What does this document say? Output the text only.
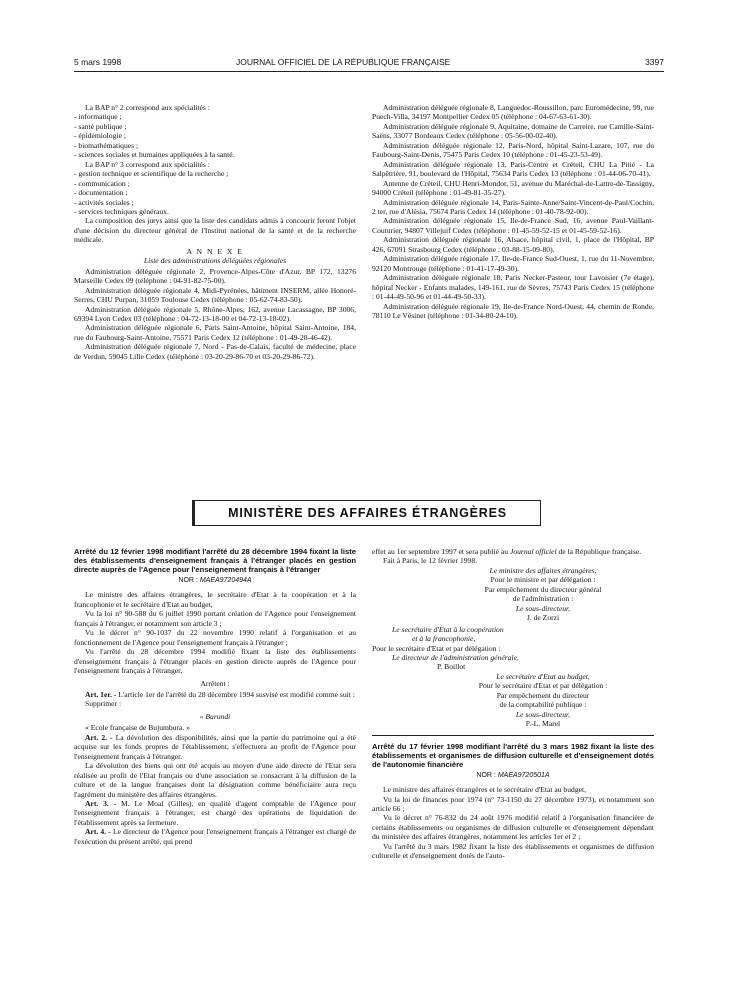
5 mars 1998	JOURNAL OFFICIEL DE LA RÉPUBLIQUE FRANÇAISE	3397

La BAP n° 2 correspond aux spécialités :

- informatique ;

- santé publique ;

- épidémiologie ;

- biomathématiques ;

- sciences sociales et humaines appliquées à la santé.

La BAP n° 3 correspond aux spécialités :

- gestion technique et scientifique de la recherche ;

- communication ;

- documentation ;

- activités sociales ;

- services techniques généraux.

La composition des jurys ainsi que la liste des candidats admis à concourir feront l'objet d'une décision du directeur général de l'Institut national de la santé et de la recherche médicale.

A N N E X E

Liste des administrations déléguées régionales

Administration déléguée régionale 2, Provence-Alpes-Côte d'Azur, BP 172, 13276 Marseille Cedex 09 (téléphone : 04-91-82-75-00).

Administration déléguée régionale 4, Midi-Pyrénées, bâtiment INSERM, allée Honoré-Serres, CHU Purpan, 31059 Toulouse Cedex (téléphone : 05-62-74-83-50).

Administration déléguée régionale 5, Rhône-Alpes, 162, avenue Lacassagne, BP 3006, 69394 Lyon Cedex 03 (téléphone : 04-72-13-18-00 et 04-72-13-18-02).

Administration déléguée régionale 6, Paris Saint-Antoine, hôpital Saint-Antoine, 184, rue du Faubourg-Saint-Antoine, 75571 Paris Cedex 12 (téléphone : 01-49-28-46-42).

Administration déléguée régionale 7, Nord - Pas-de-Calais, faculté de médecine, place de Verdun, 59045 Lille Cedex (téléphone : 03-20-29-86-70 et 03-20-29-86-72).

Administration déléguée régionale 8, Languedoc-Roussillon, parc Euromédecine, 99, rue Puech-Villa, 34197 Montpellier Cedex 05 (téléphone : 04-67-63-61-30).

Administration déléguée régionale 9, Aquitaine, domaine de Carreire, rue Camille-Saint-Saëns, 33077 Bordeaux Cedex (téléphone : 05-56-00-02-40).

Administration déléguée régionale 12, Paris-Nord, hôpital Saint-Lazare, 107, rue du Faubourg-Saint-Denis, 75475 Paris Cedex 10 (téléphone : 01-45-23-53-49).

Administration déléguée régionale 13, Paris-Centre et Créteil, CHU La Pitié - La Salpêtrière, 91, boulevard de l'Hôpital, 75634 Paris Cedex 13 (téléphone : 01-44-06-70-41).

Antenne de Créteil, CHU Henri-Mondor, 51, avenue du Maréchal-de-Lattre-de-Tassigny, 94000 Créteil (téléphone : 01-49-81-35-27).

Administration déléguée régionale 14, Paris-Sainte-Anne/Saint-Vincent-de-Paul/Cochin, 2 ter, rue d'Alésia, 75674 Paris Cedex 14 (téléphone : 01-40-78-92-00).

Administration déléguée régionale 15, Ile-de-France Sud, 16, avenue Paul-Vaillant-Couturier, 94807 Villejuif Cedex (téléphone : 01-45-59-52-15 et 01-45-59-52-16).

Administration déléguée régionale 16, Alsace, hôpital civil, 1, place de l'Hôpital, BP 426, 67091 Strasbourg Cedex (téléphone : 03-88-15-09-80).

Administration déléguée régionale 17, Ile-de-France Sud-Ouest, 1, rue du 11-Novembre, 92120 Montrouge (téléphone : 01-41-17-49-30).

Administration déléguée régionale 18, Paris Necker-Pasteur, tour Lavoisier (7e étage), hôpital Necker - Enfants malades, 149-161, rue de Sèvres, 75743 Paris Cedex 15 (téléphone : 01-44-49-50-96 et 01-44-49-50-33).

Administration déléguée régionale 19, Ile-de-France Nord-Ouest, 44, chemin de Ronde, 78110 Le Vésinet (téléphone : 01-34-80-24-10).

MINISTÈRE DES AFFAIRES ÉTRANGÈRES

Arrêté du 12 février 1998 modifiant l'arrêté du 28 décembre 1994 fixant la liste des établissements d'enseignement français à l'étranger placés en gestion directe auprès de l'Agence pour l'enseignement français à l'étranger

NOR : MAEA9720494A

Le ministre des affaires étrangères, le secrétaire d'Etat à la coopération et à la francophonie et le secrétaire d'Etat au budget,

Vu la loi n° 90-588 du 6 juillet 1990 portant création de l'Agence pour l'enseignement français à l'étranger, et notamment son article 3 ;

Vu le décret n° 90-1037 du 22 novembre 1990 relatif à l'organisation et au fonctionnement de l'Agence pour l'enseignement français à l'étranger ;

Vu l'arrêté du 28 décembre 1994 modifié fixant la liste des établissements d'enseignement français à l'étranger placés en gestion directe auprès de l'Agence pour l'enseignement français à l'étranger,

Arrêtent :

Art. 1er. - L'article 1er de l'arrêté du 28 décembre 1994 susvisé est modifié comme suit :

Supprimer :

« Burundi

« Ecole française de Bujumbura. »

Art. 2. - La dévolution des disponibilités, ainsi que la partie du patrimoine qui a été acquise sur les fonds propres de l'établissement, s'effectuera au profit de l'Agence pour l'enseignement français à l'étranger.

La dévolution des biens qui ont été acquis au moyen d'une aide directe de l'Etat sera réalisée au profit de l'Etat français ou d'une association se consacrant à la diffusion de la culture et de la langue françaises dont la désignation comme bénéficiaire aura reçu l'agrément du ministère des affaires étrangères.

Art. 3. - M. Le Moal (Gilles), en qualité d'agent comptable de l'Agence pour l'enseignement français à l'étranger, est chargé des opérations de liquidation de l'établissement après sa fermeture.

Art. 4. - Le directeur de l'Agence pour l'enseignement français à l'étranger est chargé de l'exécution du présent arrêté, qui prend

effet au 1er septembre 1997 et sera publié au Journal officiel de la République française.

Fait à Paris, le 12 février 1998.

Le ministre des affaires étrangères,

Pour le ministre et par délégation :

Par empêchement du directeur général

de l'administration :

Le sous-directeur,

J. de Zorzi

Le secrétaire d'Etat à la coopération

et à la francophonie,

Pour le secrétaire d'Etat et par délégation :

Le directeur de l'administration générale,

P. Boillot

Le secrétaire d'Etat au budget,

Pour le secrétaire d'Etat et par délégation :

Par empêchement du directeur

de la comptabilité publique :

Le sous-directeur,

P.-L. Marel

Arrêté du 17 février 1998 modifiant l'arrêté du 3 mars 1982 fixant la liste des établissements et organismes de diffusion culturelle et d'enseignement dotés de l'autonomie financière

NOR : MAEA9720501A

Le ministre des affaires étrangères et le secrétaire d'Etat au budget,

Vu la loi de finances pour 1974 (n° 73-1150 du 27 décembre 1973), et notamment son article 66 ;

Vu le décret n° 76-832 du 24 août 1976 modifié relatif à l'organisation financière de certains établissements ou organismes de diffusion culturelle et d'enseignement dépendant du ministère des affaires étrangères, notamment les articles 1er et 2 ;

Vu l'arrêté du 3 mars 1982 fixant la liste des établissements et organismes de diffusion culturelle et d'enseignement dotés de l'auto-
